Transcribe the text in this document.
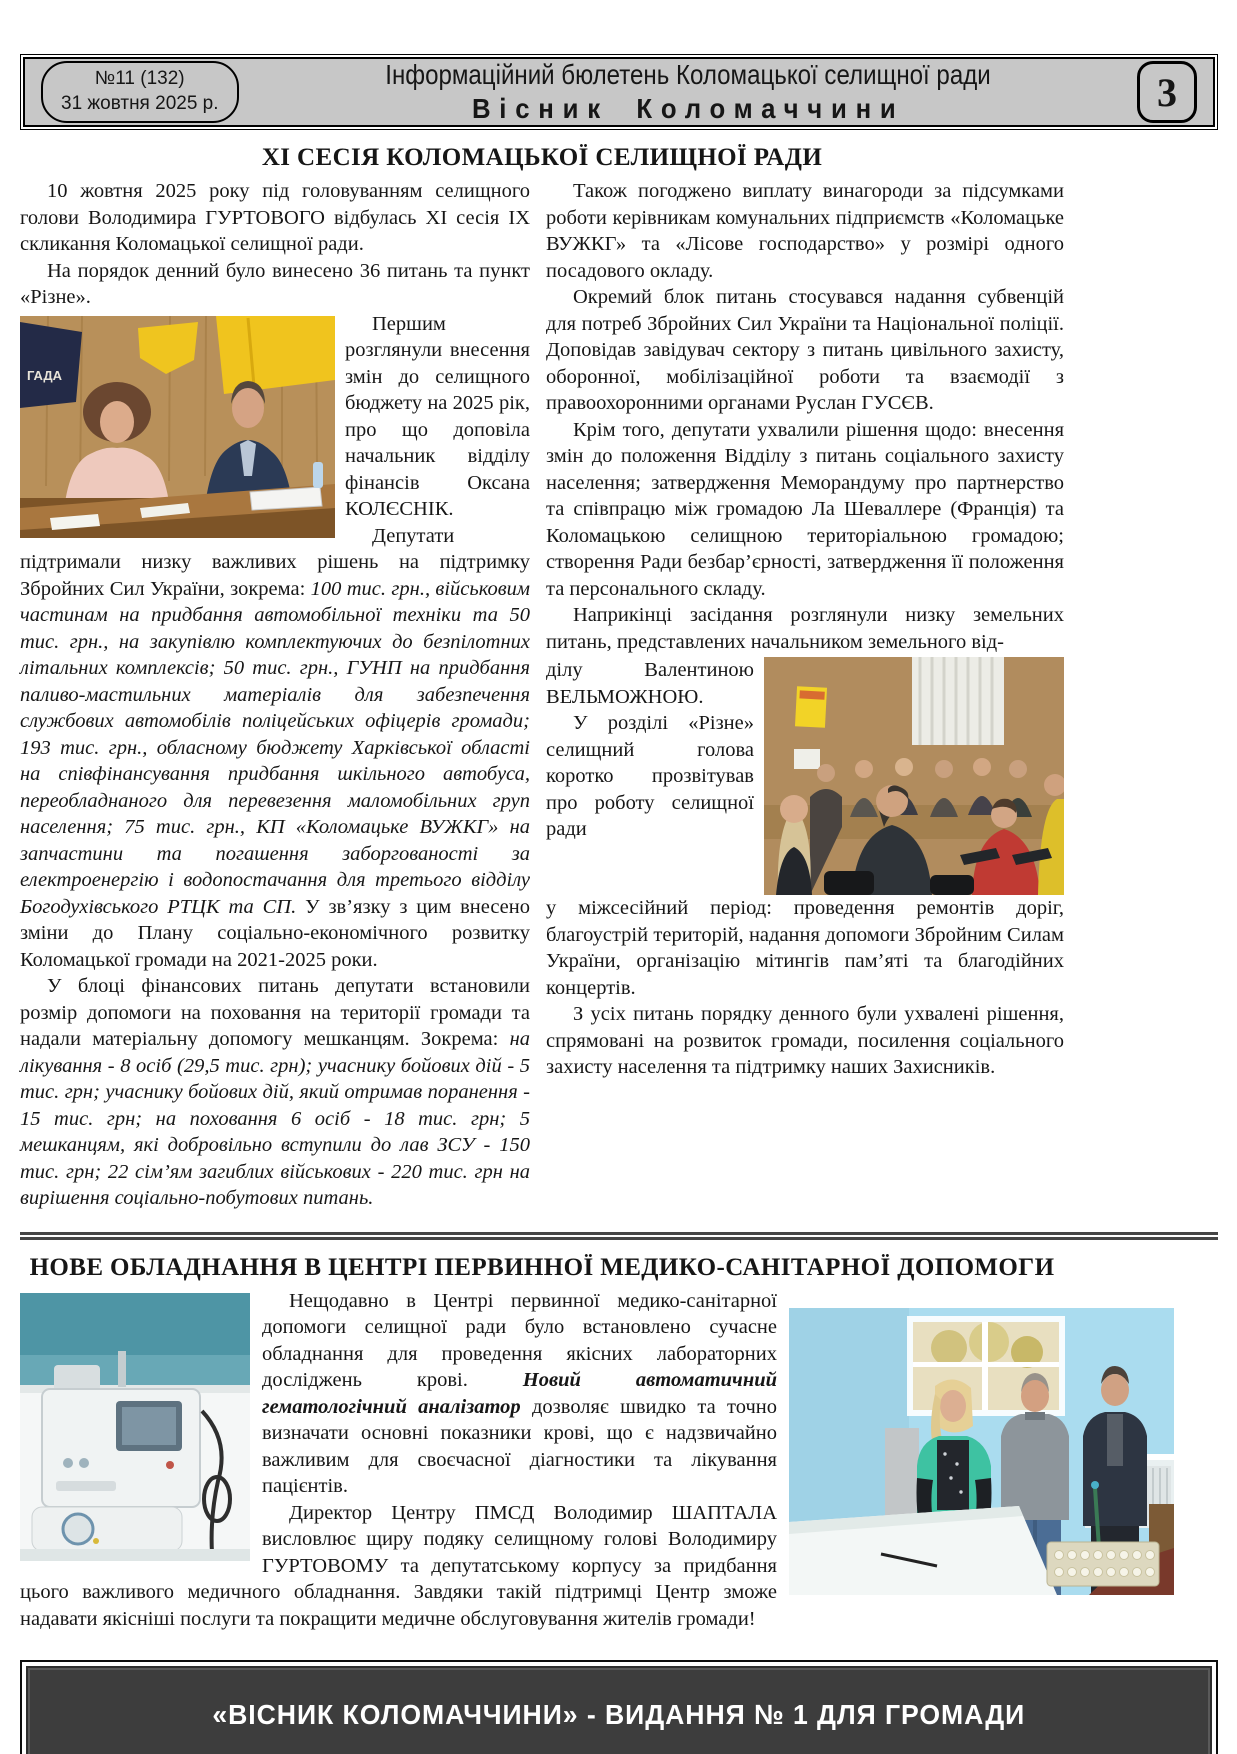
№11 (132)
31 жовтня 2025 р.
Інформаційний бюлетень Коломацької селищної ради
Вісник Коломаччини	3
ХІ СЕСІЯ КОЛОМАЦЬКОЇ СЕЛИЩНОЇ РАДИ

10 жовтня 2025 року під головуванням селищного голови Володимира ГУРТОВОГО відбулась ХІ сесія ІХ скликання Коломацької селищної ради.

На порядок денний було винесено 36 питань та пункт «Різне».

ГАДА

Першим розглянули внесення змін до селищного бюджету на 2025 рік, про що доповіла начальник відділу фінансів Оксана КОЛЄСНІК.

Депутати підтримали низку важливих рішень на підтримку Збройних Сил України, зокрема: 100 тис. грн., військовим частинам на придбання автомобільної техніки та 50 тис. грн., на закупівлю комплектуючих до безпілотних літальних комплексів; 50 тис. грн., ГУНП на придбання паливо-мастильних матеріалів для забезпечення службових автомобілів поліцейських офіцерів громади; 193 тис. грн., обласному бюджету Харківської області на співфінансування придбання шкільного автобуса, переобладнаного для перевезення маломобільних груп населення; 75 тис. грн., КП «Коломацьке ВУЖКГ» на запчастини та погашення заборгованості за електроенергію і водопостачання для третього відділу Богодухівського РТЦК та СП. У зв’язку з цим внесено зміни до Плану соціально-економічного розвитку Коломацької громади на 2021-2025 роки.

У блоці фінансових питань депутати встановили розмір допомоги на поховання на території громади та надали матеріальну допомогу мешканцям. Зокрема: на лікування - 8 осіб (29,5 тис. грн); учаснику бойових дій - 5 тис. грн; учаснику бойових дій, який отримав поранення - 15 тис. грн; на поховання 6 осіб - 18 тис. грн; 5 мешканцям, які добровільно вступили до лав ЗСУ - 150 тис. грн; 22 сім’ям загиблих військових - 220 тис. грн на вирішення соціально-побутових питань.

Також погоджено виплату винагороди за підсумками роботи керівникам комунальних підприємств «Коломацьке ВУЖКГ» та «Лісове господарство» у розмірі одного посадового окладу.

Окремий блок питань стосувався надання субвенцій для потреб Збройних Сил України та Національної поліції. Доповідав завідувач сектору з питань цивільного захисту, оборонної, мобілізаційної роботи та взаємодії з правоохоронними органами Руслан ГУСЄВ.

Крім того, депутати ухвалили рішення щодо: внесення змін до положення Відділу з питань соціального захисту населення; затвердження Меморандуму про партнерство та співпрацю між громадою Ла Шеваллере (Франція) та Коломацькою селищною територіальною громадою; створення Ради безбар’єрності, затвердження її положення та персонального складу.

Наприкінці засідання розглянули низку земельних питань, представлених начальником земельного від-

ділу Валентиною ВЕЛЬМОЖНОЮ.

У розділі «Різне» селищний голова коротко прозвітував про роботу селищної ради

у міжсесійний період: проведення ремонтів доріг, благоустрій територій, надання допомоги Збройним Силам України, організацію мітингів пам’яті та благодійних концертів.

З усіх питань порядку денного були ухвалені рішення, спрямовані на розвиток громади, посилення соціального захисту населення та підтримку наших Захисників.

НОВЕ ОБЛАДНАННЯ В ЦЕНТРІ ПЕРВИННОЇ МЕДИКО-САНІТАРНОЇ ДОПОМОГИ

Нещодавно в Центрі первинної медико-санітарної допомоги селищної ради було встановлено сучасне обладнання для проведення якісних лабораторних досліджень крові. Новий автоматичний гематологічний аналізатор дозволяє швидко та точно визначати основні показники крові, що є надзвичайно важливим для своєчасної діагностики та лікування пацієнтів.

Директор Центру ПМСД Володимир ШАПТАЛА висловлює щиру подяку селищному голові Володимиру ГУРТОВОМУ та депутатському корпусу за придбання цього важливого медичного обладнання. Завдяки такій підтримці Центр зможе надавати якісніші послуги та покращити медичне обслуговування жителів громади!

«ВІСНИК КОЛОМАЧЧИНИ» - ВИДАННЯ № 1 ДЛЯ ГРОМАДИ
